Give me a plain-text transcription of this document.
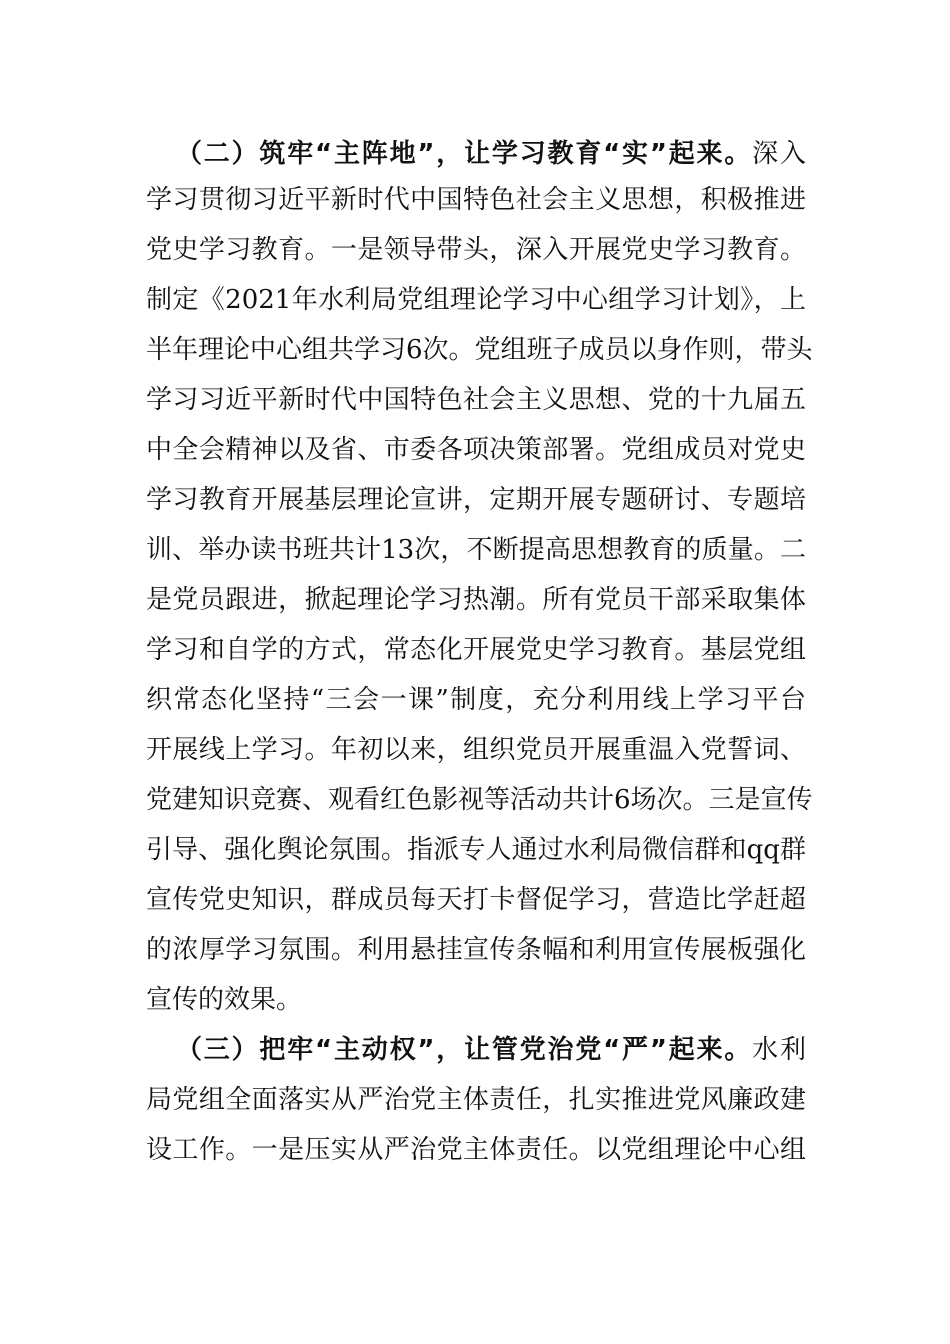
（二）筑牢“主阵地”，让学习教育“实”起来。深入
学习贯彻习近平新时代中国特色社会主义思想，积极推进
党史学习教育。一是领导带头，深入开展党史学习教育。
制定《2021年水利局党组理论学习中心组学习计划》，上
半年理论中心组共学习6次。党组班子成员以身作则，带头
学习习近平新时代中国特色社会主义思想、党的十九届五
中全会精神以及省、市委各项决策部署。党组成员对党史
学习教育开展基层理论宣讲，定期开展专题研讨、专题培
训、举办读书班共计13次，不断提高思想教育的质量。二
是党员跟进，掀起理论学习热潮。所有党员干部采取集体
学习和自学的方式，常态化开展党史学习教育。基层党组
织常态化坚持“三会一课”制度，充分利用线上学习平台
开展线上学习。年初以来，组织党员开展重温入党誓词、
党建知识竞赛、观看红色影视等活动共计6场次。三是宣传
引导、强化舆论氛围。指派专人通过水利局微信群和qq群
宣传党史知识，群成员每天打卡督促学习，营造比学赶超
的浓厚学习氛围。利用悬挂宣传条幅和利用宣传展板强化
宣传的效果。
（三）把牢“主动权”，让管党治党“严”起来。水利
局党组全面落实从严治党主体责任，扎实推进党风廉政建
设工作。一是压实从严治党主体责任。以党组理论中心组
